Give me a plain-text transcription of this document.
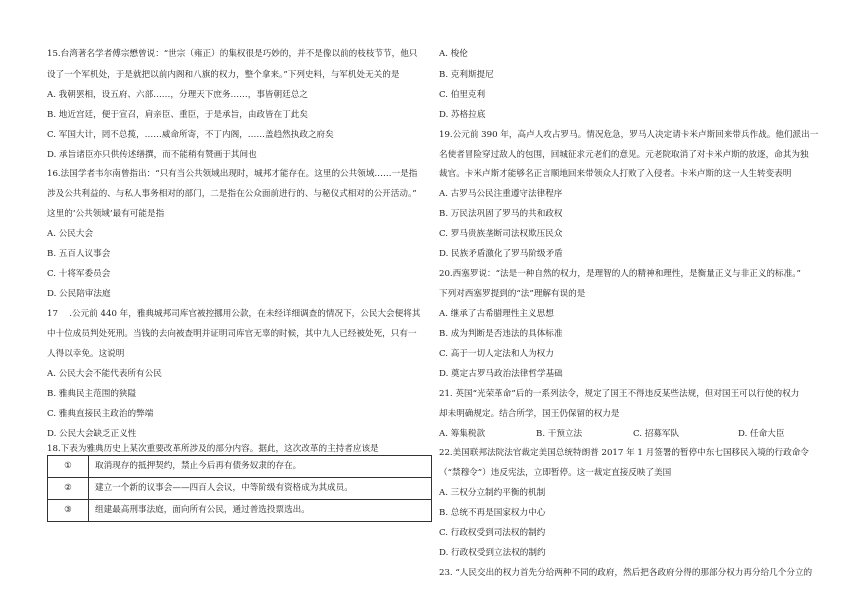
15.台湾著名学者傅宗懋曾说：“世宗（雍正）的集权很是巧妙的，并不是像以前的枝枝节节，他只
设了一个军机处，于是就把以前内阁和八旗的权力，整个拿来。”下列史料，与军机处无关的是
A. 我朝罢相，设五府、六部……，分理天下庶务……，事皆朝廷总之
B. 地近宫廷，便于宣召，肩亲臣、重臣，于是承旨，由政皆在丁此矣
C. 军国大计，罔不总揽，……威命所寄，不丁内阁，……盖趋然执政之府矣
D. 承旨诸臣亦只供传述缮撰，而不能稍有赞画于其间也
16.法国学者韦尔南曾指出：“只有当公共领域出现时，城邦才能存在。这里的公共领域……一是指
涉及公共利益的、与私人事务相对的部门，二是指在公众面前进行的、与秘仪式相对的公开活动。”
这里的‘公共领域’最有可能是指
A. 公民大会
B. 五百人议事会
C. 十将军委员会
D. 公民陪审法庭
17　 .公元前 440 年，雅典城邦司库官被控挪用公款，在未经详细调查的情况下，公民大会便将其
中十位成员判处死刑。当钱的去向被查明并证明司库官无辜的时候，其中九人已经被处死，只有一
人得以幸免。这说明
A. 公民大会不能代表所有公民
B. 雅典民主范围的狭隘
C. 雅典直接民主政治的弊端
D. 公民大会缺乏正义性
18.下表为雅典历史上某次重要改革所涉及的部分内容。据此，这次改革的主持者应该是
①	取消现存的抵押契约，禁止今后再有债务奴隶的存在。
②	建立一个新的议事会——四百人会议，中等阶级有资格成为其成员。
③	组建最高刑事法庭，面向所有公民，通过普选投票选出。
A. 梭伦
B. 克利斯提尼
C. 伯里克利
D. 苏格拉底
19.公元前 390 年，高卢人攻占罗马。情况危急，罗马人决定请卡米卢斯回来带兵作战。他们派出一
名使者冒险穿过敌人的包围，回城征求元老们的意见。元老院取消了对卡米卢斯的放逐，命其为独
裁官。卡米卢斯才能够名正言顺地回来带领众人打败了入侵者。卡米卢斯的这一人生转变表明
A. 古罗马公民注重遵守法律程序
B. 万民法巩固了罗马的共和政权
C. 罗马贵族垄断司法权欺压民众
D. 民族矛盾激化了罗马阶级矛盾
20.西塞罗说：“法是一种自然的权力，是理智的人的精神和理性，是衡量正义与非正义的标准。”
下列对西塞罗提到的“法”理解有误的是
A. 继承了古希腊理性主义思想
B. 成为判断是否违法的具体标准
C. 高于一切人定法和人为权力
D. 奠定古罗马政治法律哲学基础
21. 英国“光荣革命”后的一系列法令，规定了国王不得违反某些法规，但对国王可以行使的权力
却未明确规定。结合所学，国王仍保留的权力是
A. 筹集税款	B. 干预立法	C. 招募军队	D. 任命大臣
22.美国联邦法院法官裁定美国总统特朗普 2017 年 1 月签署的暂停中东七国移民入境的行政命令
（“禁穆令”）违反宪法，立即暂停。这一裁定直接反映了美国
A. 三权分立制约平衡的机制
B. 总统不再是国家权力中心
C. 行政权受到司法权的制约
D. 行政权受到立法权的制约
23. “人民交出的权力首先分给两种不同的政府，然后把各政府分得的那部分权力再分给几个分立的
